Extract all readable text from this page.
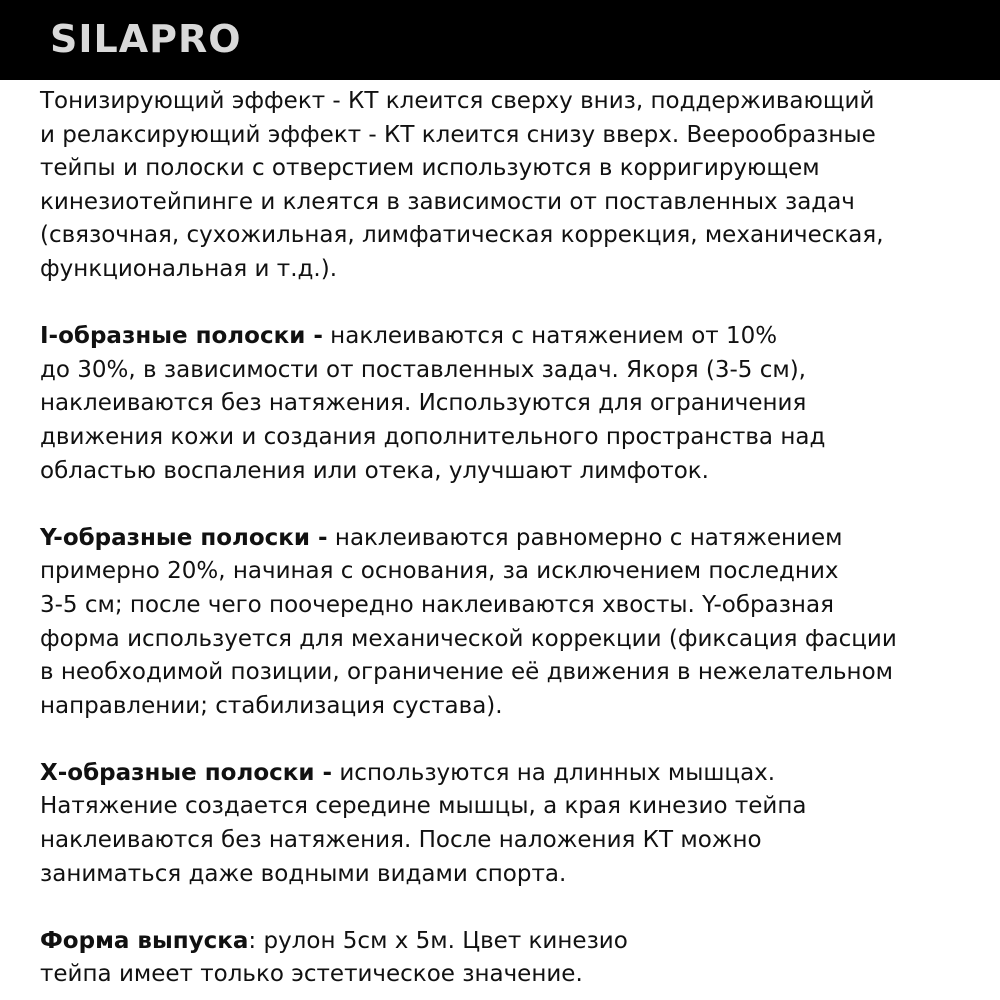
SILAPRO

Тонизирующий эффект - КТ клеится сверху вниз, поддерживающий
и релаксирующий эффект - КТ клеится снизу вверх. Веерообразные
тейпы и полоски с отверстием используются в корригирующем
кинезиотейпинге и клеятся в зависимости от поставленных задач
(связочная, сухожильная, лимфатическая коррекция, механическая,
функциональная и т.д.).

I-образные полоски - наклеиваются с натяжением от 10%
до 30%, в зависимости от поставленных задач. Якоря (3-5 см),
наклеиваются без натяжения. Используются для ограничения
движения кожи и создания дополнительного пространства над
областью воспаления или отека, улучшают лимфоток.

Y-образные полоски - наклеиваются равномерно с натяжением
примерно 20%, начиная с основания, за исключением последних
3-5 см; после чего поочередно наклеиваются хвосты. Y-образная
форма используется для механической коррекции (фиксация фасции
в необходимой позиции, ограничение её движения в нежелательном
направлении; стабилизация сустава).

Х-образные полоски - используются на длинных мышцах.
Натяжение создается середине мышцы, а края кинезио тейпа
наклеиваются без натяжения. После наложения КТ можно
заниматься даже водными видами спорта.

Форма выпуска: рулон 5см х 5м. Цвет кинезио
тейпа имеет только эстетическое значение.
